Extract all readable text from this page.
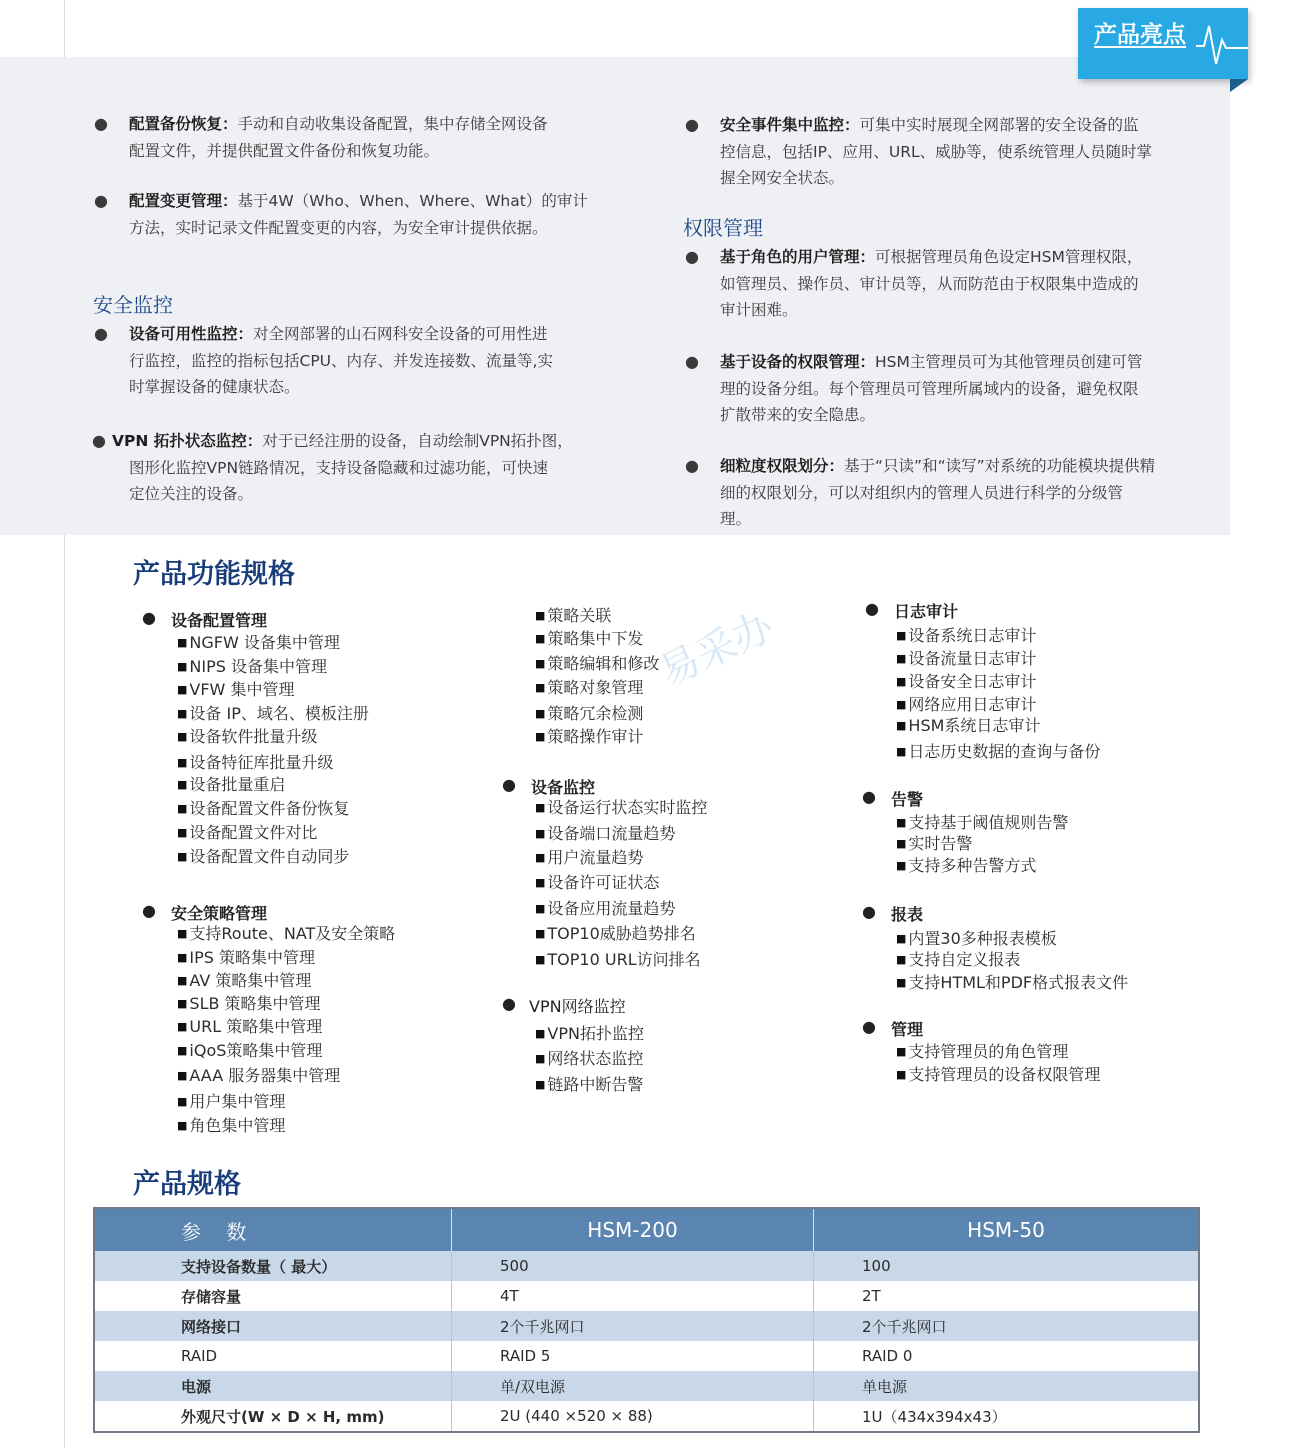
产品亮点
● 配置备份恢复：手动和自动收集设备配置，集中存储全网设备
配置文件，并提供配置文件备份和恢复功能。
● 配置变更管理：基于4W（Who、When、Where、What）的审计
方法，实时记录文件配置变更的内容，为安全审计提供依据。
安全监控
● 设备可用性监控：对全网部署的山石网科安全设备的可用性进
行监控，监控的指标包括CPU、内存、并发连接数、流量等,实
时掌握设备的健康状态。
● VPN 拓扑状态监控：对于已经注册的设备，自动绘制VPN拓扑图，
图形化监控VPN链路情况，支持设备隐藏和过滤功能，可快速
定位关注的设备。
● 安全事件集中监控：可集中实时展现全网部署的安全设备的监
控信息，包括IP、应用、URL、威胁等，使系统管理人员随时掌
握全网安全状态。
权限管理
● 基于角色的用户管理：可根据管理员角色设定HSM管理权限，
如管理员、操作员、审计员等，从而防范由于权限集中造成的
审计困难。
● 基于设备的权限管理：HSM主管理员可为其他管理员创建可管
理的设备分组。每个管理员可管理所属域内的设备，避免权限
扩散带来的安全隐患。
● 细粒度权限划分：基于“只读”和“读写”对系统的功能模块提供精
细的权限划分，可以对组织内的管理人员进行科学的分级管
理。
产品功能规格
易采办
● 设备配置管理
■ NGFW 设备集中管理
■ NIPS 设备集中管理
■ VFW 集中管理
■ 设备 IP、域名、模板注册
■ 设备软件批量升级
■ 设备特征库批量升级
■ 设备批量重启
■ 设备配置文件备份恢复
■ 设备配置文件对比
■ 设备配置文件自动同步
● 安全策略管理
■ 支持Route、NAT及安全策略
■ IPS 策略集中管理
■ AV 策略集中管理
■ SLB 策略集中管理
■ URL 策略集中管理
■ iQoS策略集中管理
■ AAA 服务器集中管理
■ 用户集中管理
■ 角色集中管理
■ 策略关联
■ 策略集中下发
■ 策略编辑和修改
■ 策略对象管理
■ 策略冗余检测
■ 策略操作审计
● 设备监控
■ 设备运行状态实时监控
■ 设备端口流量趋势
■ 用户流量趋势
■ 设备许可证状态
■ 设备应用流量趋势
■ TOP10威胁趋势排名
■ TOP10 URL访问排名
● VPN网络监控
■ VPN拓扑监控
■ 网络状态监控
■ 链路中断告警
● 日志审计
■ 设备系统日志审计
■ 设备流量日志审计
■ 设备安全日志审计
■ 网络应用日志审计
■ HSM系统日志审计
■ 日志历史数据的查询与备份
● 告警
■ 支持基于阈值规则告警
■ 实时告警
■ 支持多种告警方式
● 报表
■ 内置30多种报表模板
■ 支持自定义报表
■ 支持HTML和PDF格式报表文件
● 管理
■ 支持管理员的角色管理
■ 支持管理员的设备权限管理
产品规格
参    数	HSM-200	HSM-50
支持设备数量（ 最大）	500	100
存储容量	4T	2T
网络接口	2个千兆网口	2个千兆网口
RAID	RAID 5	RAID 0
电源	单/双电源	单电源
外观尺寸(W × D × H, mm)	2U (440 ×520 × 88)	1U（434x394x43）
